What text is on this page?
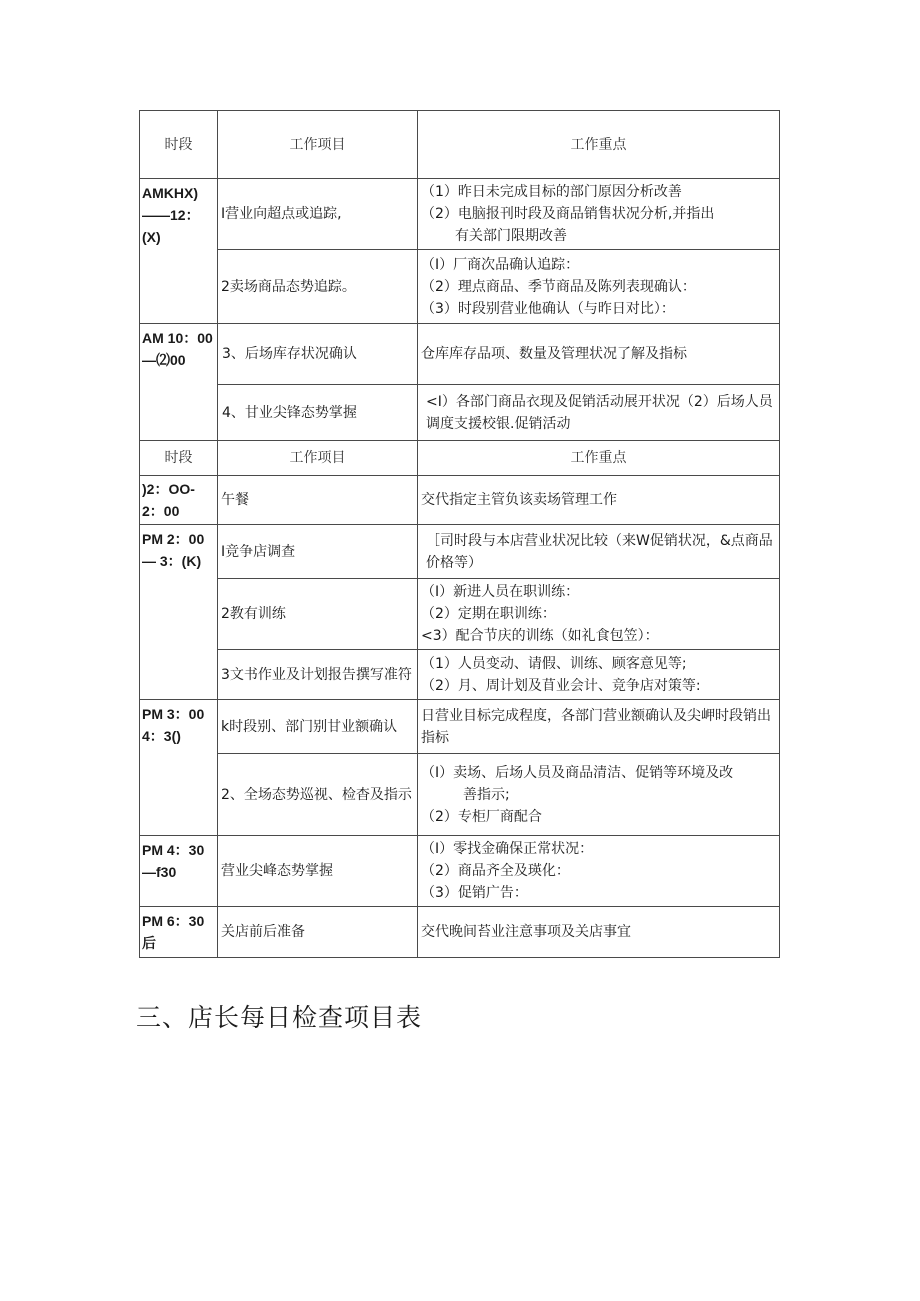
时段	工作项目	工作重点
AMKHX)——12：(X)	I营业向超点或追踪,	（1）昨日未完成目标的部门原因分析改善
（2）电脑报刊时段及商品销售状况分析,并指出
有关部门限期改善

	2卖场商品态势追踪。	（I）厂商次品确认追踪：
（2）理点商品、季节商品及陈列表现确认：
（3）时段别营业他确认（与昨日对比）：

AM 10：00—⑵00	3、后场库存状况确认	仓库库存品项、数量及管理状况了解及指标
	4、甘业尖锋态势掌握	<I）各部门商品衣现及促销活动展开状况（2）后场人员调度支援校银.促销活动
时段	工作项目	工作重点
)2：OO-2：00	午餐	交代指定主管负该卖场管理工作
PM 2：00— 3：(K)	I竞争店调查	［司时段与本店营业状况比较（来W促销状况，&点商品价格等）
	2教有训练	（I）新进人员在职训练：
（2）定期在职训练：
<3）配合节庆的训练（如礼食包笠）：

	3文书作业及计划报告撰写准符	（1）人员变动、请假、训练、顾客意见等;
（2）月、周计划及苜业会计、竞争店对策等:

PM 3：00 4：3()	k时段别、部门别甘业额确认	日营业目标完成程度，各部门营业额确认及尖岬时段销出指标
	2、全场态势巡视、检杳及指示	（I）卖场、后场人员及商品清洁、促销等环境及改
善指示;
（2）专柜厂商配合

PM 4：30—f30	营业尖峰态势掌握	（I）零找金确保正常状况：
（2）商品齐全及瑛化：
（3）促销广告：

PM 6：30后	关店前后准备	交代晚间苔业注意事项及关店事宜
三、店长每日检查项目表
